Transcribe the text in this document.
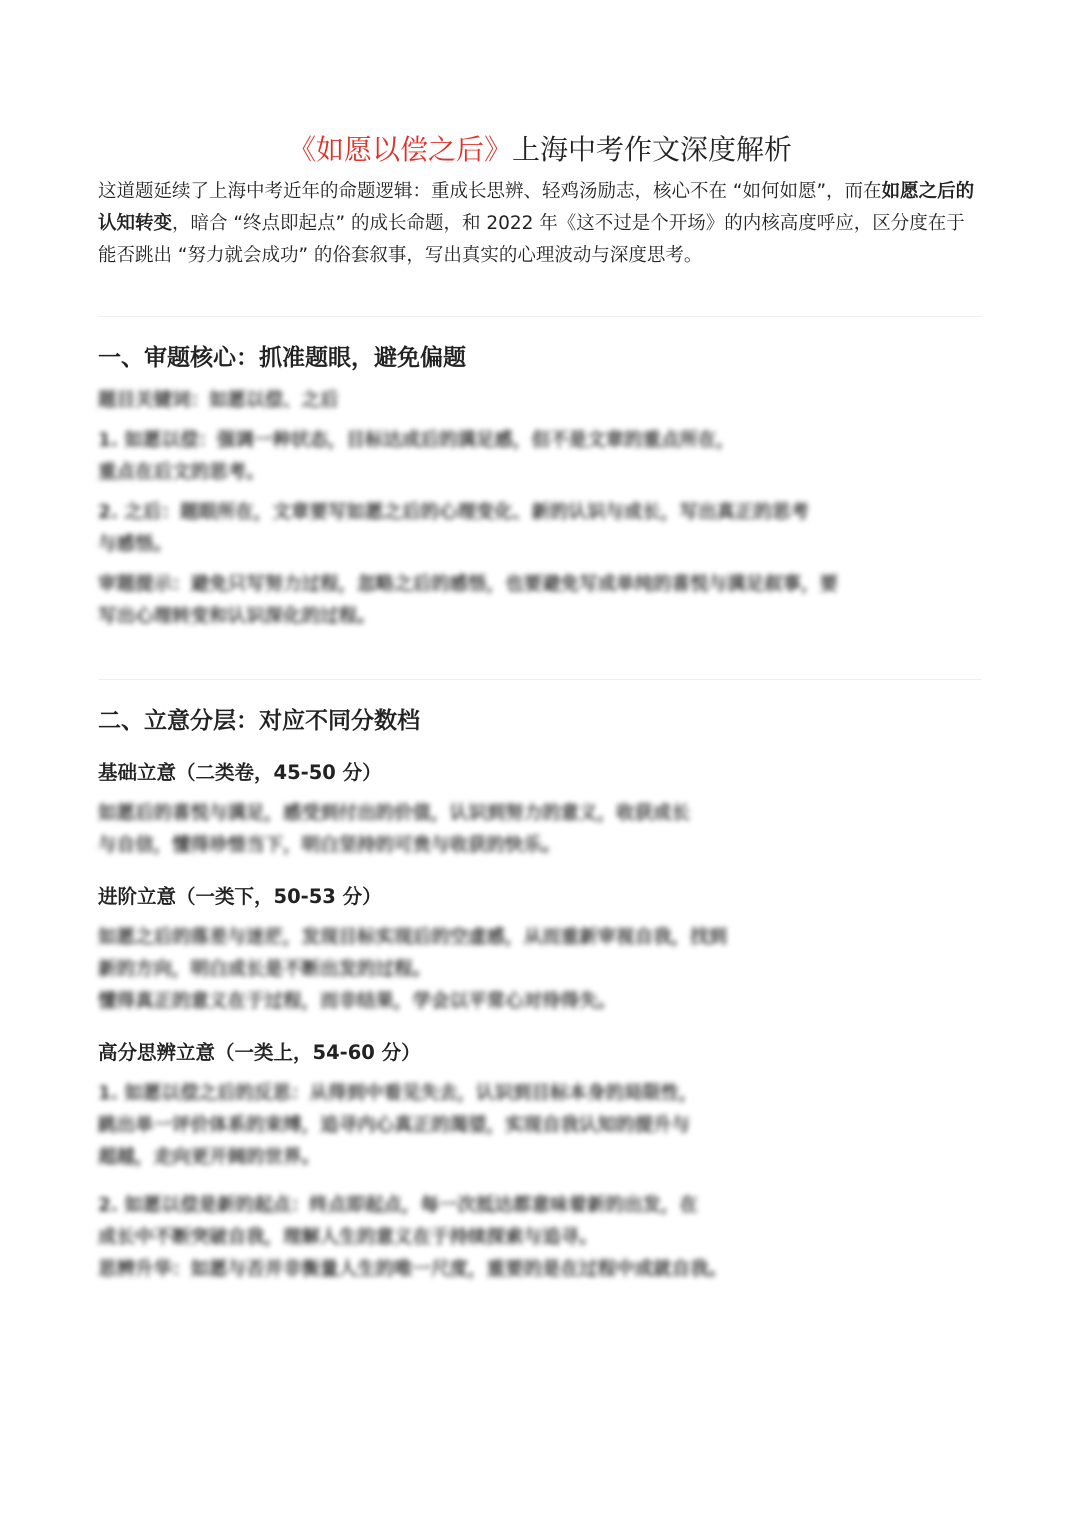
《如愿以偿之后》上海中考作文深度解析

这道题延续了上海中考近年的命题逻辑：重成长思辨、轻鸡汤励志，核心不在 “如何如愿”，而在如愿之后的认知转变，暗合 “终点即起点” 的成长命题，和 2022 年《这不过是个开场》的内核高度呼应，区分度在于能否跳出 “努力就会成功” 的俗套叙事，写出真实的心理波动与深度思考。

一、审题核心：抓准题眼，避免偏题
题目关键词：如愿以偿、之后
1. 如愿以偿：强调一种状态，目标达成后的满足感，但不是文章的重点所在，
重点在后文的思考。
2. 之后：题眼所在，文章要写如愿之后的心理变化、新的认识与成长，写出真正的思考
与感悟。
审题提示：避免只写努力过程，忽略之后的感悟，也要避免写成单纯的喜悦与满足叙事，要
写出心理转变和认识深化的过程。
二、立意分层：对应不同分数档
基础立意（二类卷，45-50 分）
如愿后的喜悦与满足，感受到付出的价值，认识到努力的意义，收获成长
与自信，懂得珍惜当下，明白坚持的可贵与收获的快乐。
进阶立意（一类下，50-53 分）
如愿之后的落差与迷茫，发现目标实现后的空虚感，从而重新审视自我，找到
新的方向，明白成长是不断出发的过程。
懂得真正的意义在于过程，而非结果，学会以平常心对待得失。
高分思辨立意（一类上，54-60 分）
1. 如愿以偿之后的反思：从得到中看见失去，认识到目标本身的局限性，
跳出单一评价体系的束缚，追寻内心真正的渴望，实现自我认知的提升与
超越，走向更开阔的世界。
2. 如愿以偿是新的起点：终点即起点，每一次抵达都意味着新的出发，在
成长中不断突破自我，理解人生的意义在于持续探索与追寻。
思辨升华：如愿与否并非衡量人生的唯一尺度，重要的是在过程中成就自我。
